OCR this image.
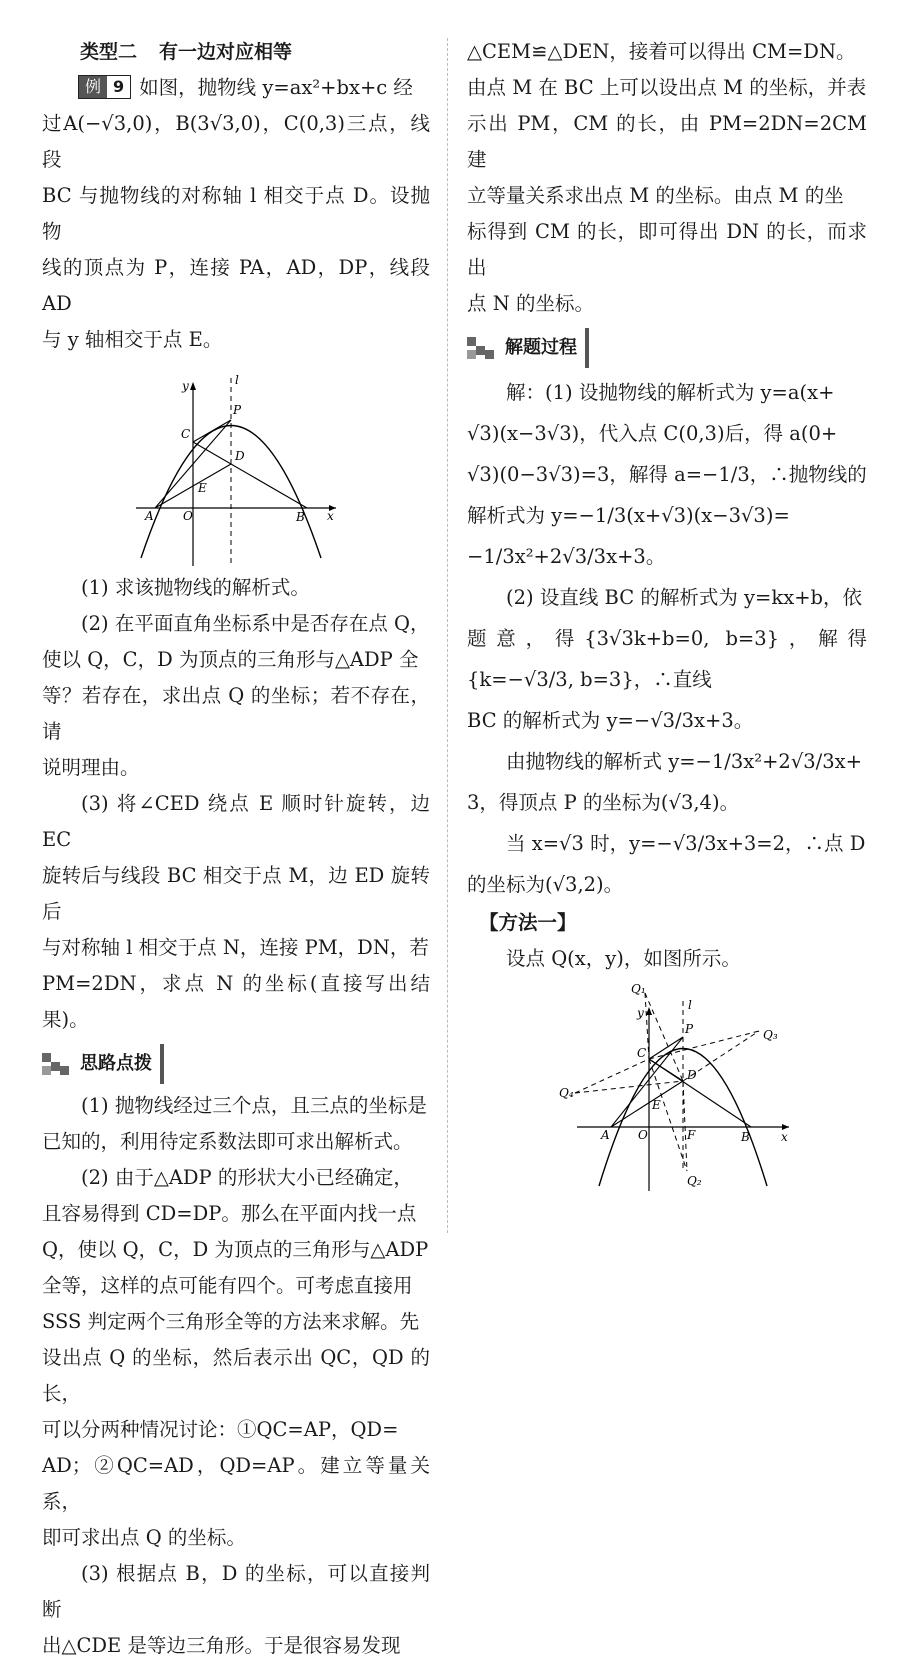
类型二 有一边对应相等

例 9 如图，抛物线 y=ax²+bx+c 经

过A(−√3,0)，B(3√3,0)，C(0,3)三点，线段

BC 与抛物线的对称轴 l 相交于点 D。设抛物

线的顶点为 P，连接 PA，AD，DP，线段 AD

与 y 轴相交于点 E。

y	l
P
C
D
E
A O	B x

(1) 求该抛物线的解析式。

(2) 在平面直角坐标系中是否存在点 Q，

使以 Q，C，D 为顶点的三角形与△ADP 全

等？若存在，求出点 Q 的坐标；若不存在，请

说明理由。

(3) 将∠CED 绕点 E 顺时针旋转，边 EC

旋转后与线段 BC 相交于点 M，边 ED 旋转后

与对称轴 l 相交于点 N，连接 PM，DN，若

PM=2DN，求点 N 的坐标(直接写出结果)。

思路点拨

(1) 抛物线经过三个点，且三点的坐标是

已知的，利用待定系数法即可求出解析式。

(2) 由于△ADP 的形状大小已经确定，

且容易得到 CD=DP。那么在平面内找一点

Q，使以 Q，C，D 为顶点的三角形与△ADP

全等，这样的点可能有四个。可考虑直接用

SSS 判定两个三角形全等的方法来求解。先

设出点 Q 的坐标，然后表示出 QC，QD 的长，

可以分两种情况讨论：①QC=AP，QD=

AD；②QC=AD，QD=AP。建立等量关系，

即可求出点 Q 的坐标。

(3) 根据点 B，D 的坐标，可以直接判断

出△CDE 是等边三角形。于是很容易发现

△CEM≌△DEN，接着可以得出 CM=DN。

由点 M 在 BC 上可以设出点 M 的坐标，并表

示出 PM，CM 的长，由 PM=2DN=2CM 建

立等量关系求出点 M 的坐标。由点 M 的坐

标得到 CM 的长，即可得出 DN 的长，而求出

点 N 的坐标。

解题过程

解：(1) 设抛物线的解析式为 y=a(x+

√3)(x−3√3)，代入点 C(0,3)后，得 a(0+

√3)(0−3√3)=3，解得 a=−1/3，∴抛物线的

解析式为 y=−1/3(x+√3)(x−3√3)=

−1/3x²+2√3/3x+3。

(2) 设直线 BC 的解析式为 y=kx+b，依

题意，得{3√3k+b=0, b=3}，解得{k=−√3/3, b=3}，∴直线

BC 的解析式为 y=−√3/3x+3。

由抛物线的解析式 y=−1/3x²+2√3/3x+

3，得顶点 P 的坐标为(√3,4)。

当 x=√3 时，y=−√3/3x+3=2，∴点 D

的坐标为(√3,2)。

【方法一】

设点 Q(x，y)，如图所示。

Q₁
l
y
P	Q₃
C
D
Q₄
E
A O	F	B	x
Q₂
